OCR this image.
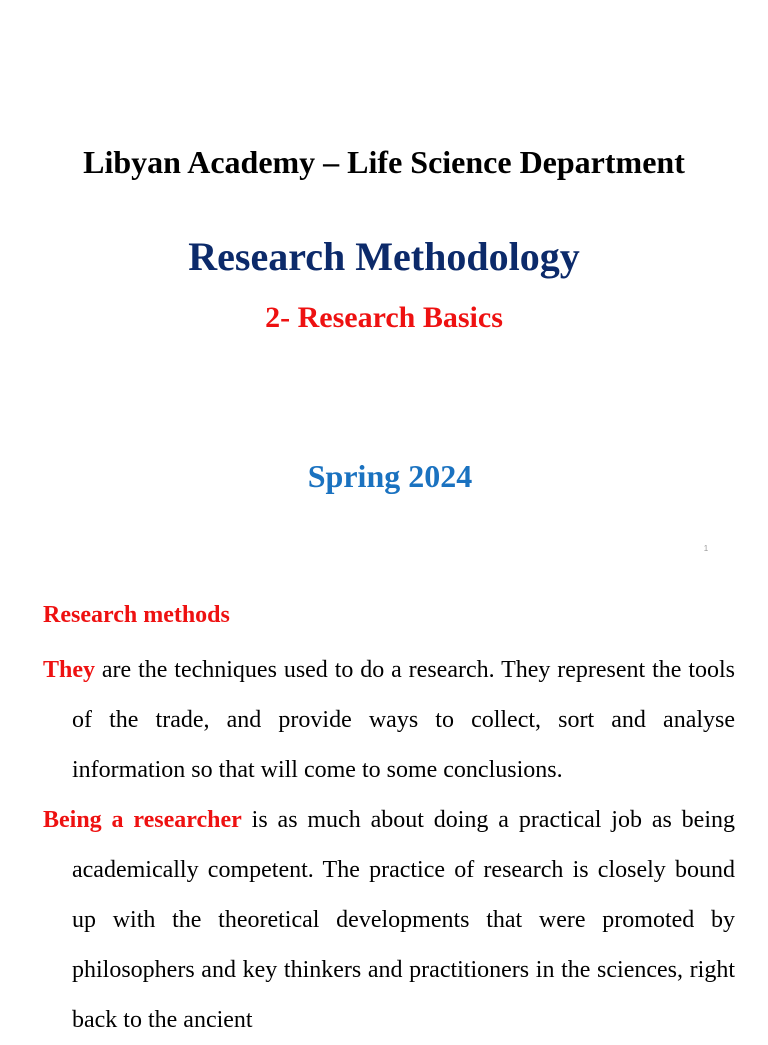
Libyan Academy – Life Science Department
Research Methodology
2- Research Basics
Spring 2024
1
Research methods
They are the techniques used to do a research. They represent the tools of the trade, and provide ways to collect, sort and analyse information so that will come to some conclusions.
Being a researcher is as much about doing a practical job as being academically competent. The practice of research is closely bound up with the theoretical developments that were promoted by philosophers and key thinkers and practitioners in the sciences, right back to the ancient
